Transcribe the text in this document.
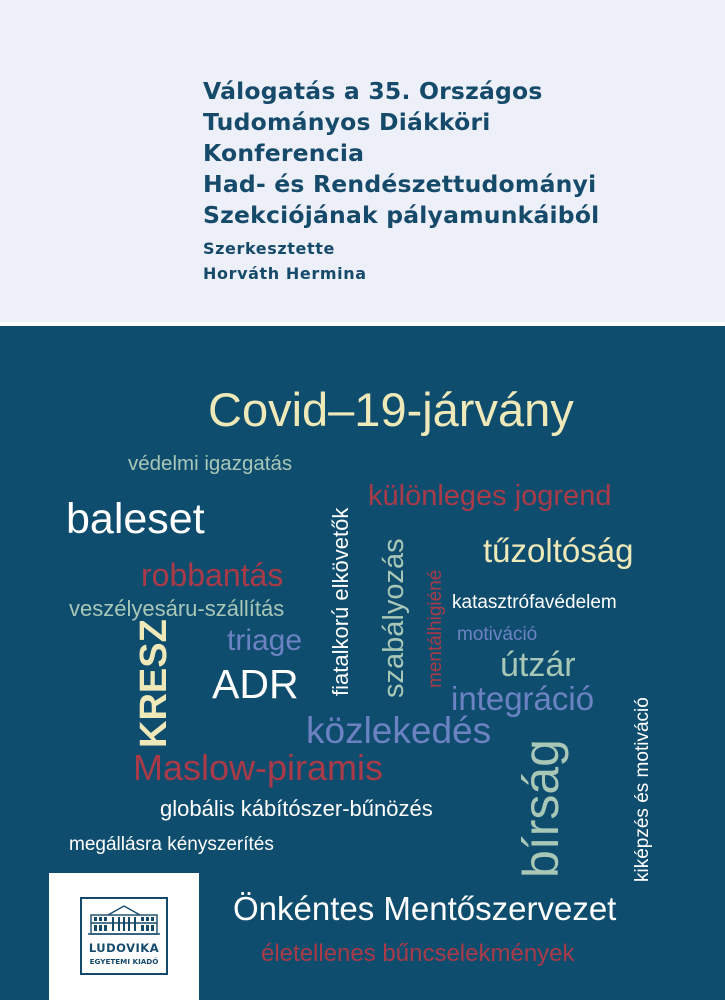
Válogatás a 35. Országos
Tudományos Diákköri
Konferencia
Had- és Rendészettudományi
Szekciójának pályamunkáiból
Szerkesztette
Horváth Hermina
Covid–19-járvány
védelmi igazgatás
fiatalkorú elkövetők
különleges jogrend
baleset
szabályozás mentálhigiéné
tűzoltóság
robbantás
veszélyesáru-szállítás	katasztrófavédelem
triage	motiváció
kiképzés és motiváció
KRESZ ADR	útzár
integráció
közlekedés
bírság
Maslow-piramis
globális kábítószer-bűnözés
megállásra kényszerítés
Önkéntes Mentőszervezet
életellenes bűncselekmények
LUDOVIKA
EGYETEMI KIADÓ
